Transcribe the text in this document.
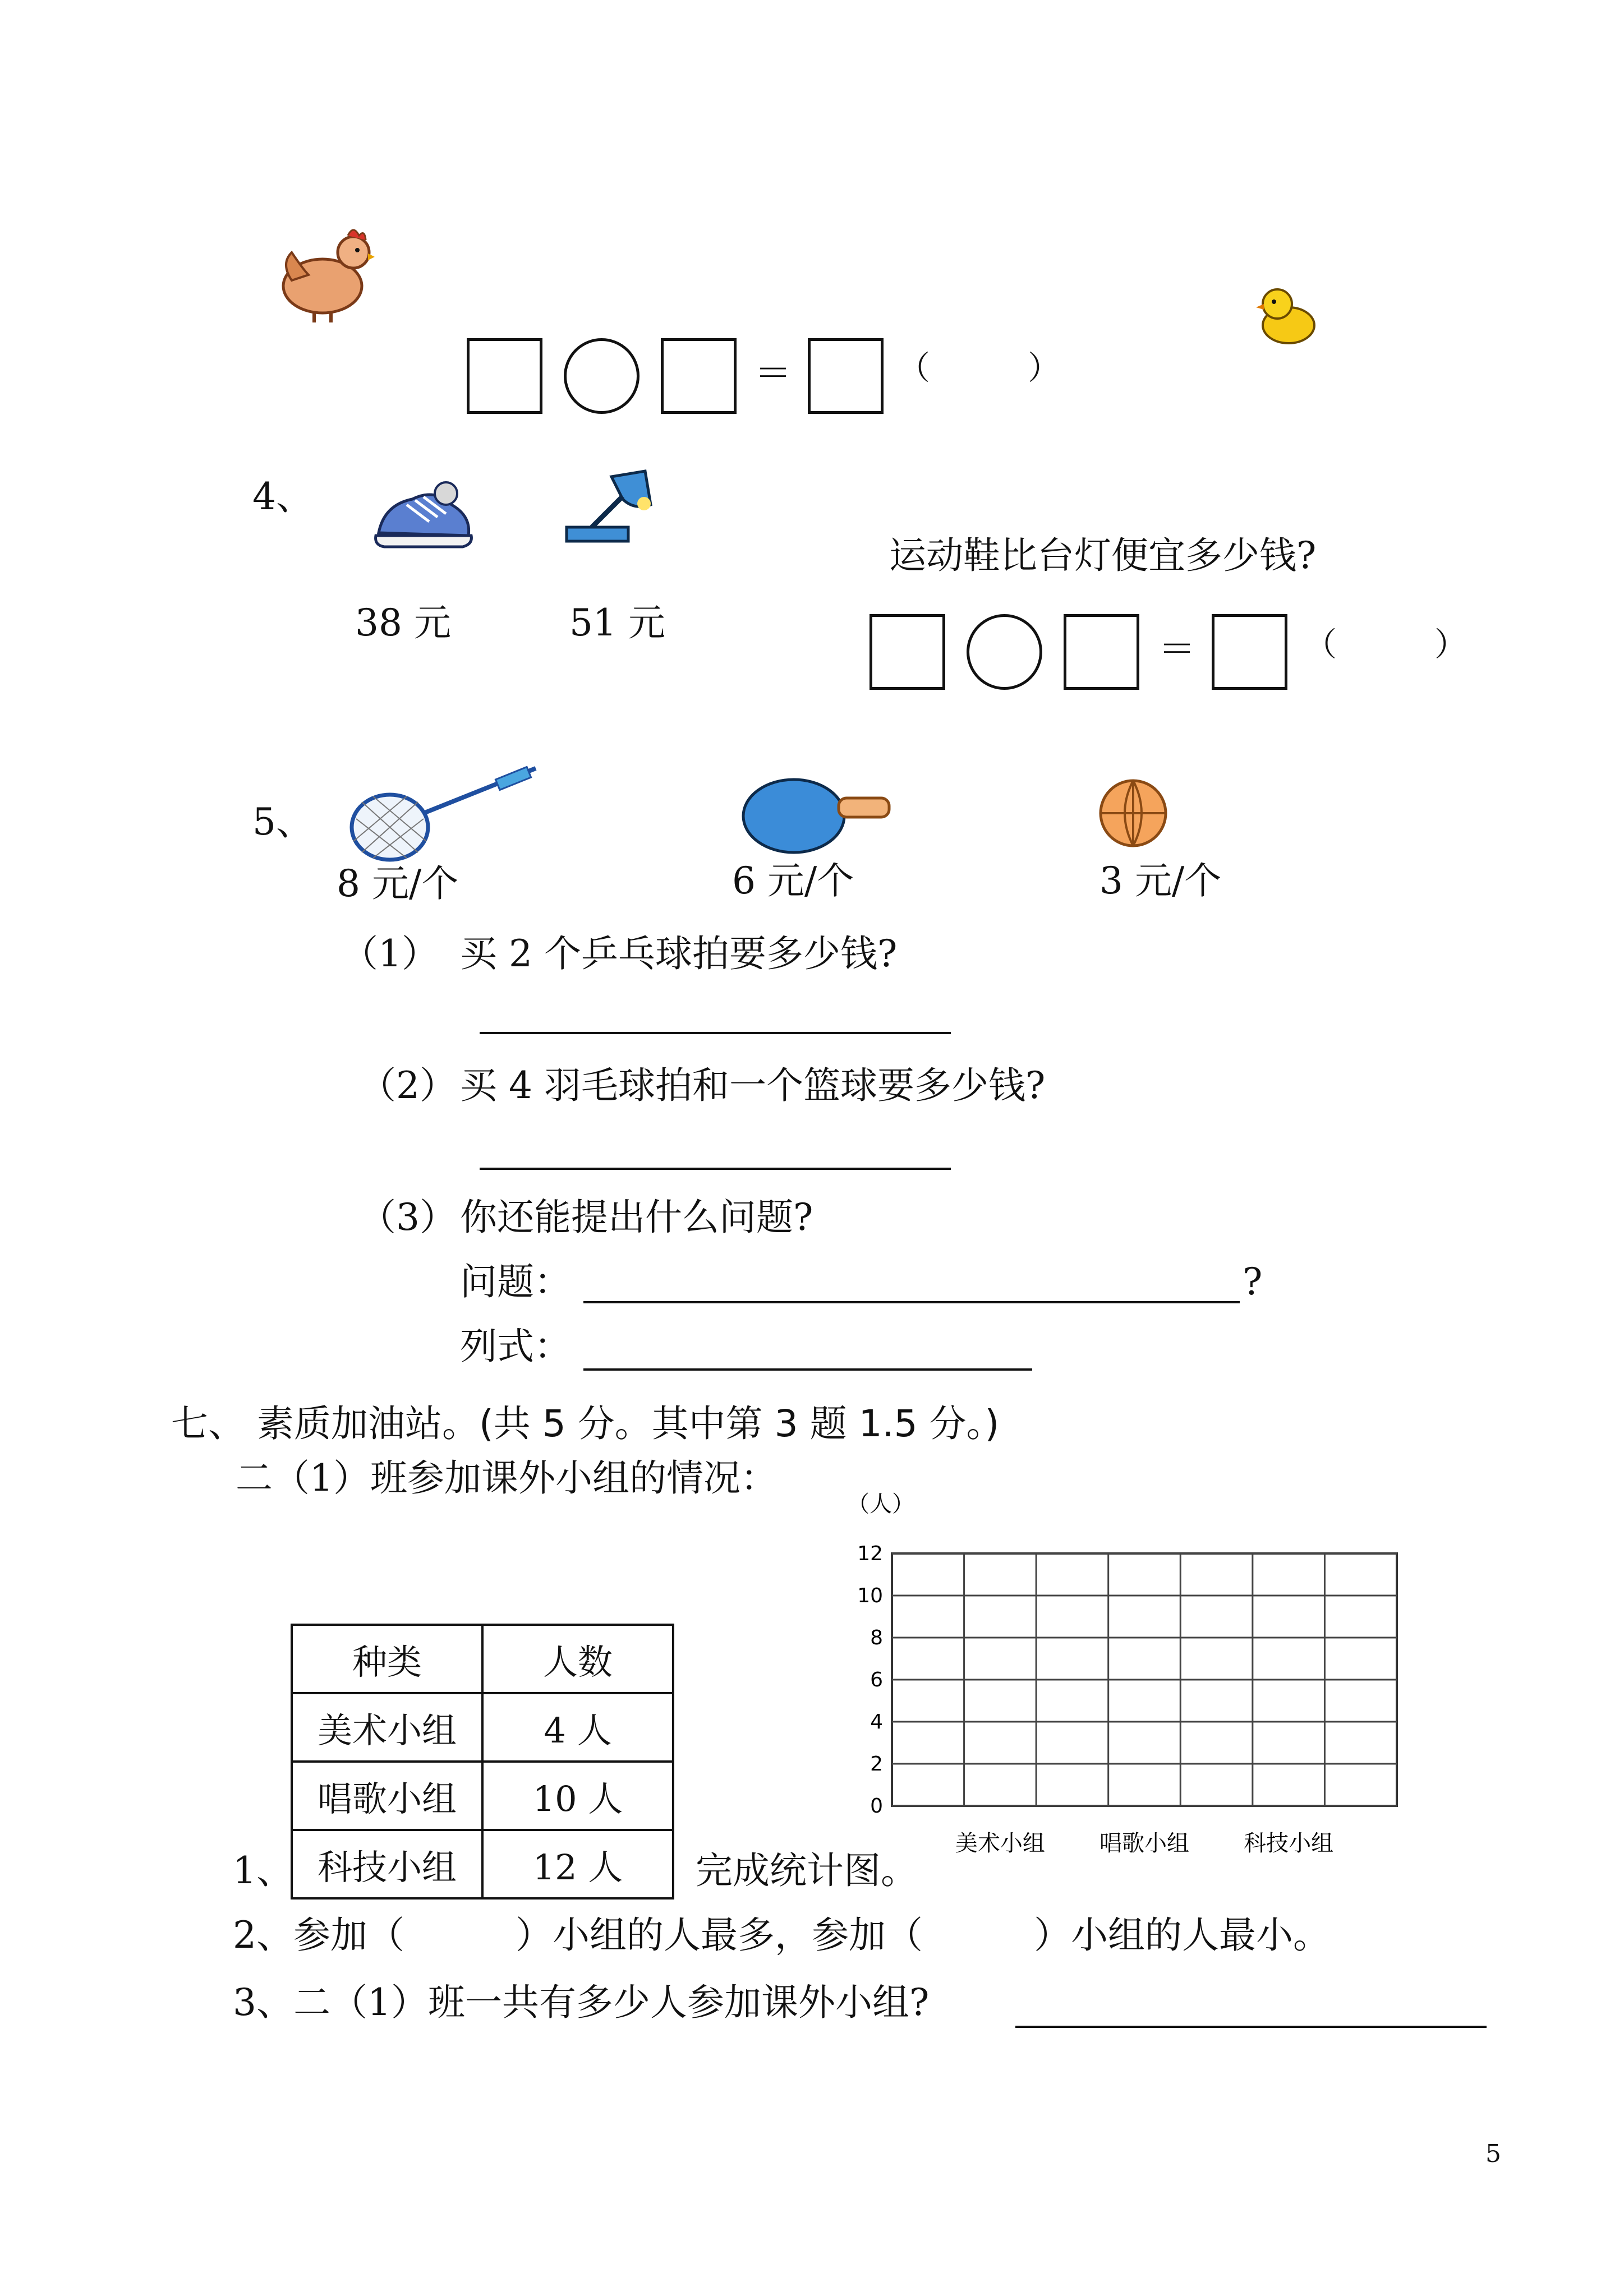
＝	（　　　）
4、
38 元	51 元
运动鞋比台灯便宜多少钱?
＝	（　　　）
5、
8 元/个	6 元/个	3 元/个
（1） 买 2 个乒乓球拍要多少钱?
（2） 买 4 羽毛球拍和一个篮球要多少钱?
（3） 你还能提出什么问题?
问题：	?
列式：
七、 素质加油站。(共 5 分。其中第 3 题 1.5 分。)
二（1）班参加课外小组的情况：
种类	人数
美术小组	4 人
唱歌小组	10 人
科技小组	12 人
（人）
0
2
4
6
8
10
12
美术小组 唱歌小组 科技小组
1、	完成统计图。
2、参加（　　　）小组的人最多，参加（　　　）小组的人最小。
3、二（1）班一共有多少人参加课外小组?
5
